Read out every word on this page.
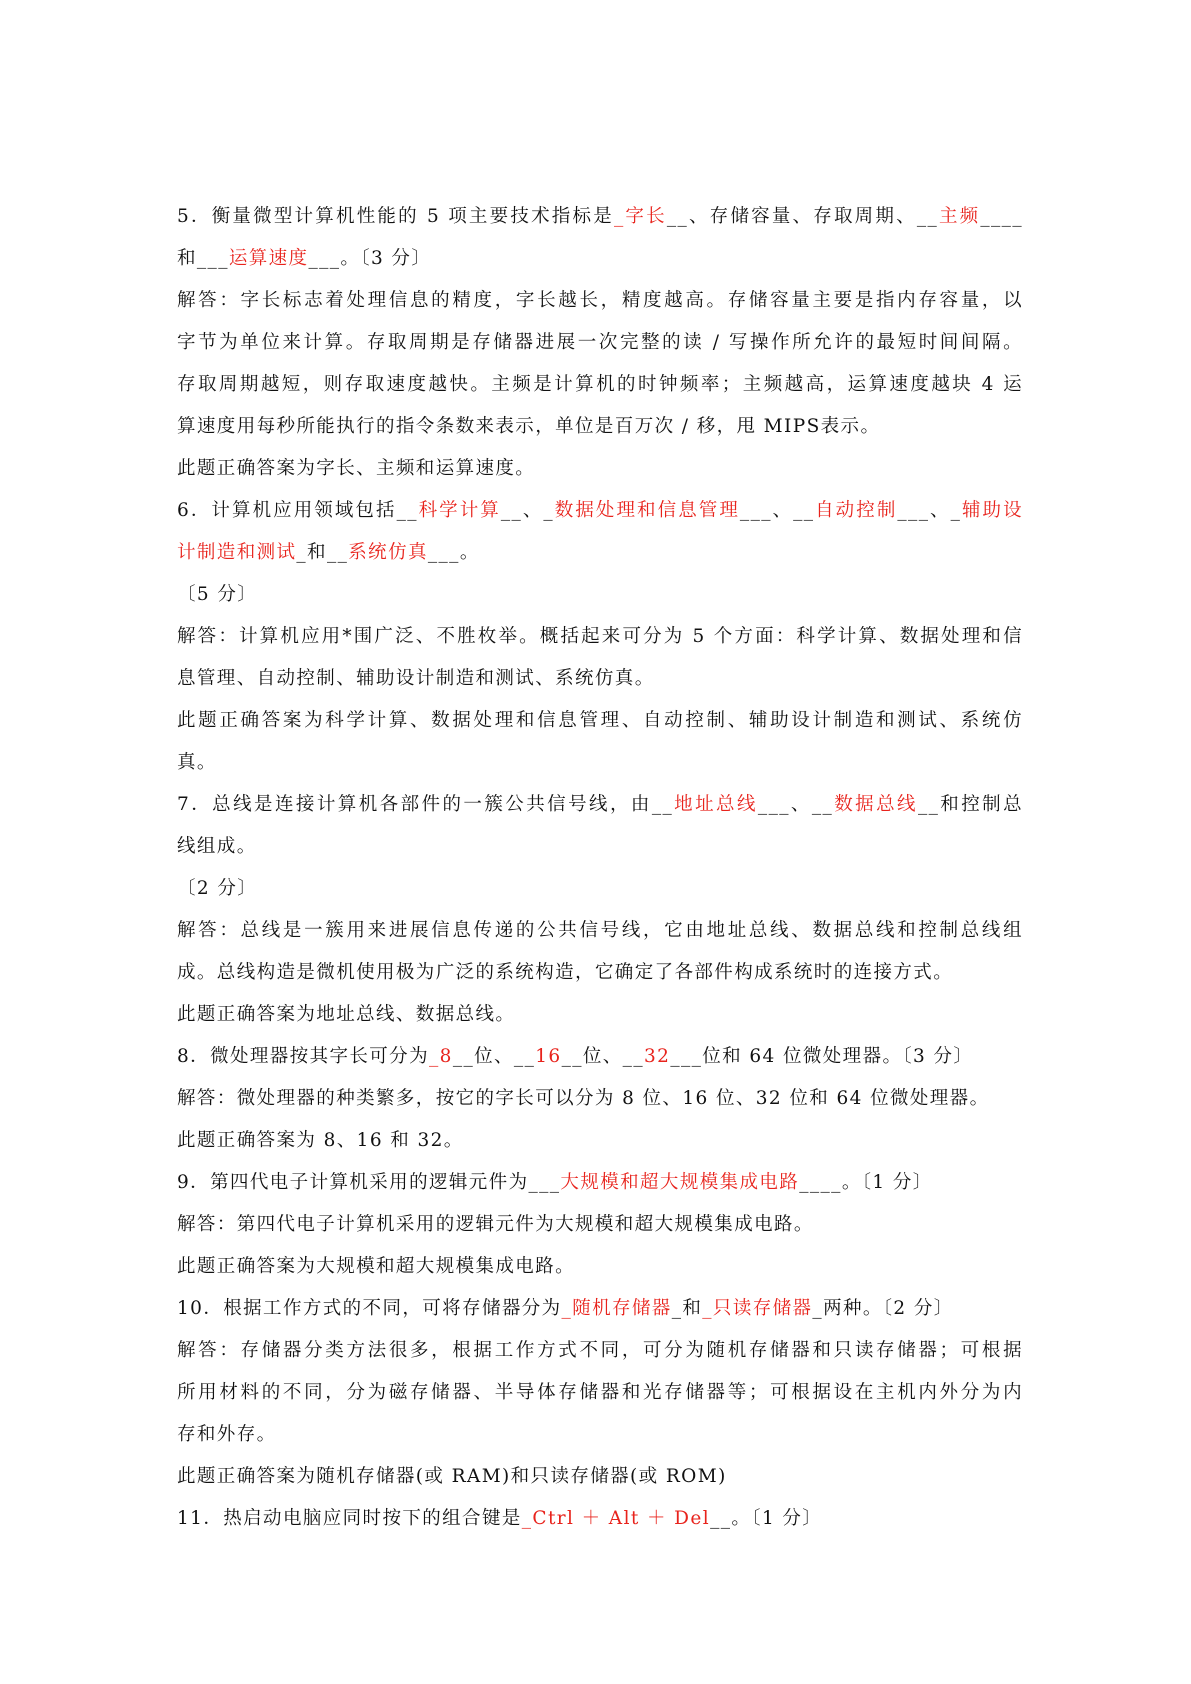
5．衡量微型计算机性能的 5 项主要技术指标是_字长__、存储容量、存取周期、__主频____
和___运算速度___。〔3 分〕
解答：字长标志着处理信息的精度，字长越长，精度越高。存储容量主要是指内存容量，以
字节为单位来计算。存取周期是存储器进展一次完整的读 / 写操作所允许的最短时间间隔。
存取周期越短，则存取速度越快。主频是计算机的时钟频率；主频越高，运算速度越块 4 运
算速度用每秒所能执行的指令条数来表示，单位是百万次 / 移，甩 MIPS表示。
此题正确答案为字长、主频和运算速度。
6．计算机应用领域包括__科学计算__、_数据处理和信息管理___、__自动控制___、_辅助设
计制造和测试_和__系统仿真___。
〔5 分〕
解答：计算机应用*围广泛、不胜枚举。概括起来可分为 5 个方面：科学计算、数据处理和信
息管理、自动控制、辅助设计制造和测试、系统仿真。
此题正确答案为科学计算、数据处理和信息管理、自动控制、辅助设计制造和测试、系统仿
真。
7．总线是连接计算机各部件的一簇公共信号线，由__地址总线___、__数据总线__和控制总
线组成。
〔2 分〕
解答：总线是一簇用来进展信息传递的公共信号线，它由地址总线、数据总线和控制总线组
成。总线构造是微机使用极为广泛的系统构造，它确定了各部件构成系统时的连接方式。
此题正确答案为地址总线、数据总线。
8．微处理器按其字长可分为_8__位、__16__位、__32___位和 64 位微处理器。〔3 分〕
解答：微处理器的种类繁多，按它的字长可以分为 8 位、16 位、32 位和 64 位微处理器。
此题正确答案为 8、16 和 32。
9．第四代电子计算机采用的逻辑元件为___大规模和超大规模集成电路____。〔1 分〕
解答：第四代电子计算机采用的逻辑元件为大规模和超大规模集成电路。
此题正确答案为大规模和超大规模集成电路。
10．根据工作方式的不同，可将存储器分为_随机存储器_和_只读存储器_两种。〔2 分〕
解答：存储器分类方法很多，根据工作方式不同，可分为随机存储器和只读存储器；可根据
所用材料的不同，分为磁存储器、半导体存储器和光存储器等；可根据设在主机内外分为内
存和外存。
此题正确答案为随机存储器(或 RAM)和只读存储器(或 ROM)
11．热启动电脑应同时按下的组合键是_Ctrl ＋ Alt ＋ Del__。〔1 分〕
